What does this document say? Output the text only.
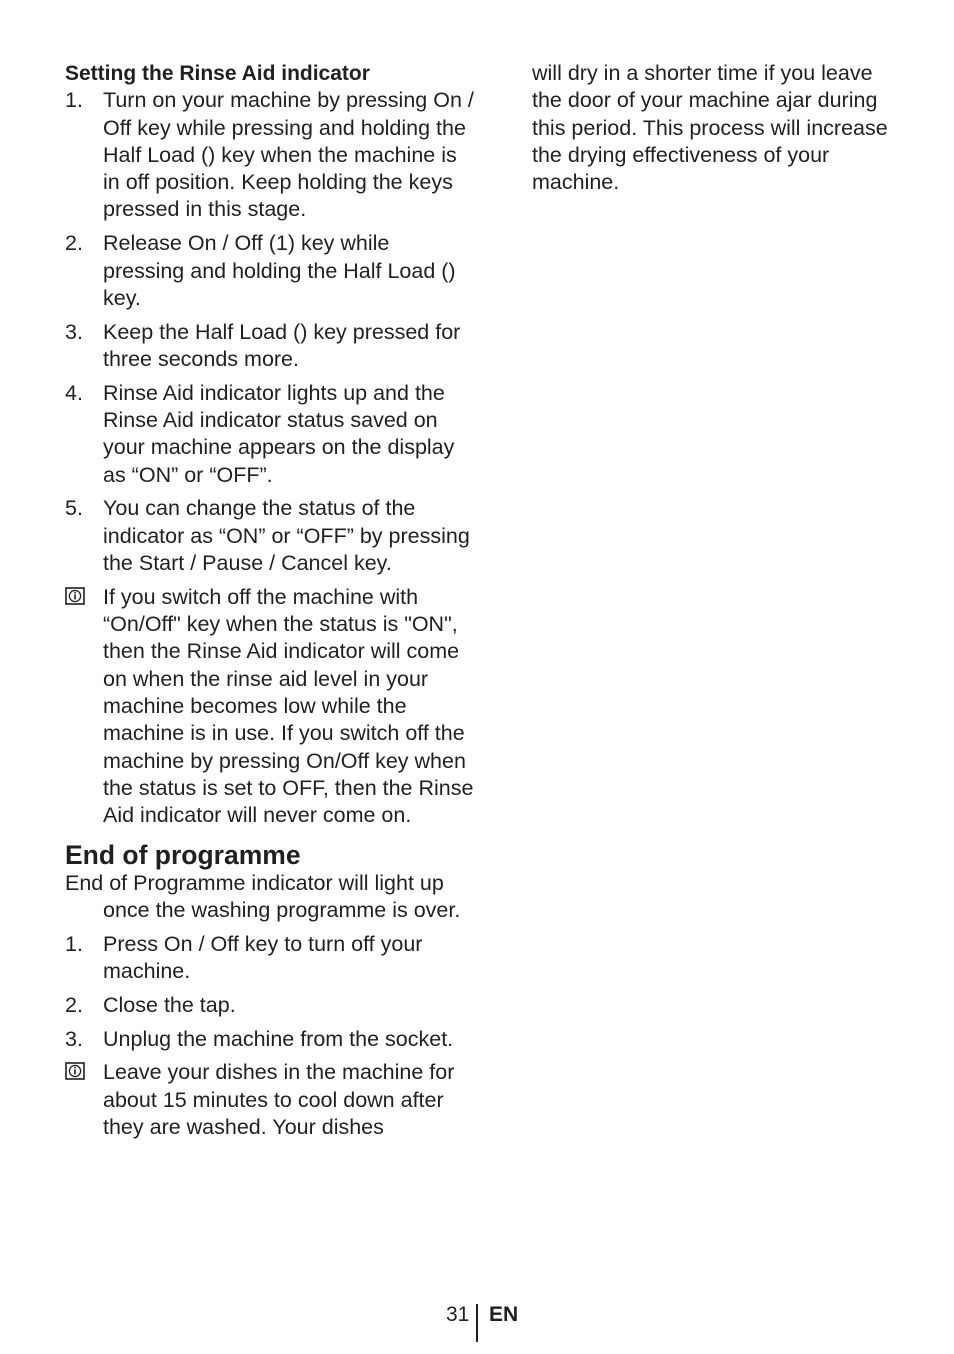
Setting the Rinse Aid indicator
1. Turn on your machine by pressing On / Off key while pressing and holding the Half Load () key when the machine is in off position. Keep holding the keys pressed in this stage.
2. Release On / Off (1) key while pressing and holding the Half Load () key.
3. Keep the Half Load () key pressed for three seconds more.
4. Rinse Aid indicator lights up and the Rinse Aid indicator status saved on your machine appears on the display as “ON” or “OFF”.
5. You can change the status of the indicator as “ON” or “OFF” by pressing the Start / Pause / Cancel key.
If you switch off the machine with “On/Off" key when the status is "ON", then the Rinse Aid indicator will come on when the rinse aid level in your machine becomes low while the machine is in use. If you switch off the machine by pressing On/Off key when the status is set to OFF, then the Rinse Aid indicator will never come on.
End of programme
End of Programme indicator will light up once the washing programme is over.
1. Press On / Off key to turn off your machine.
2. Close the tap.
3. Unplug the machine from the socket.
Leave your dishes in the machine for about 15 minutes to cool down after they are washed. Your dishes
will dry in a shorter time if you leave the door of your machine ajar during this period. This process will increase the drying effectiveness of your machine.
31 EN
